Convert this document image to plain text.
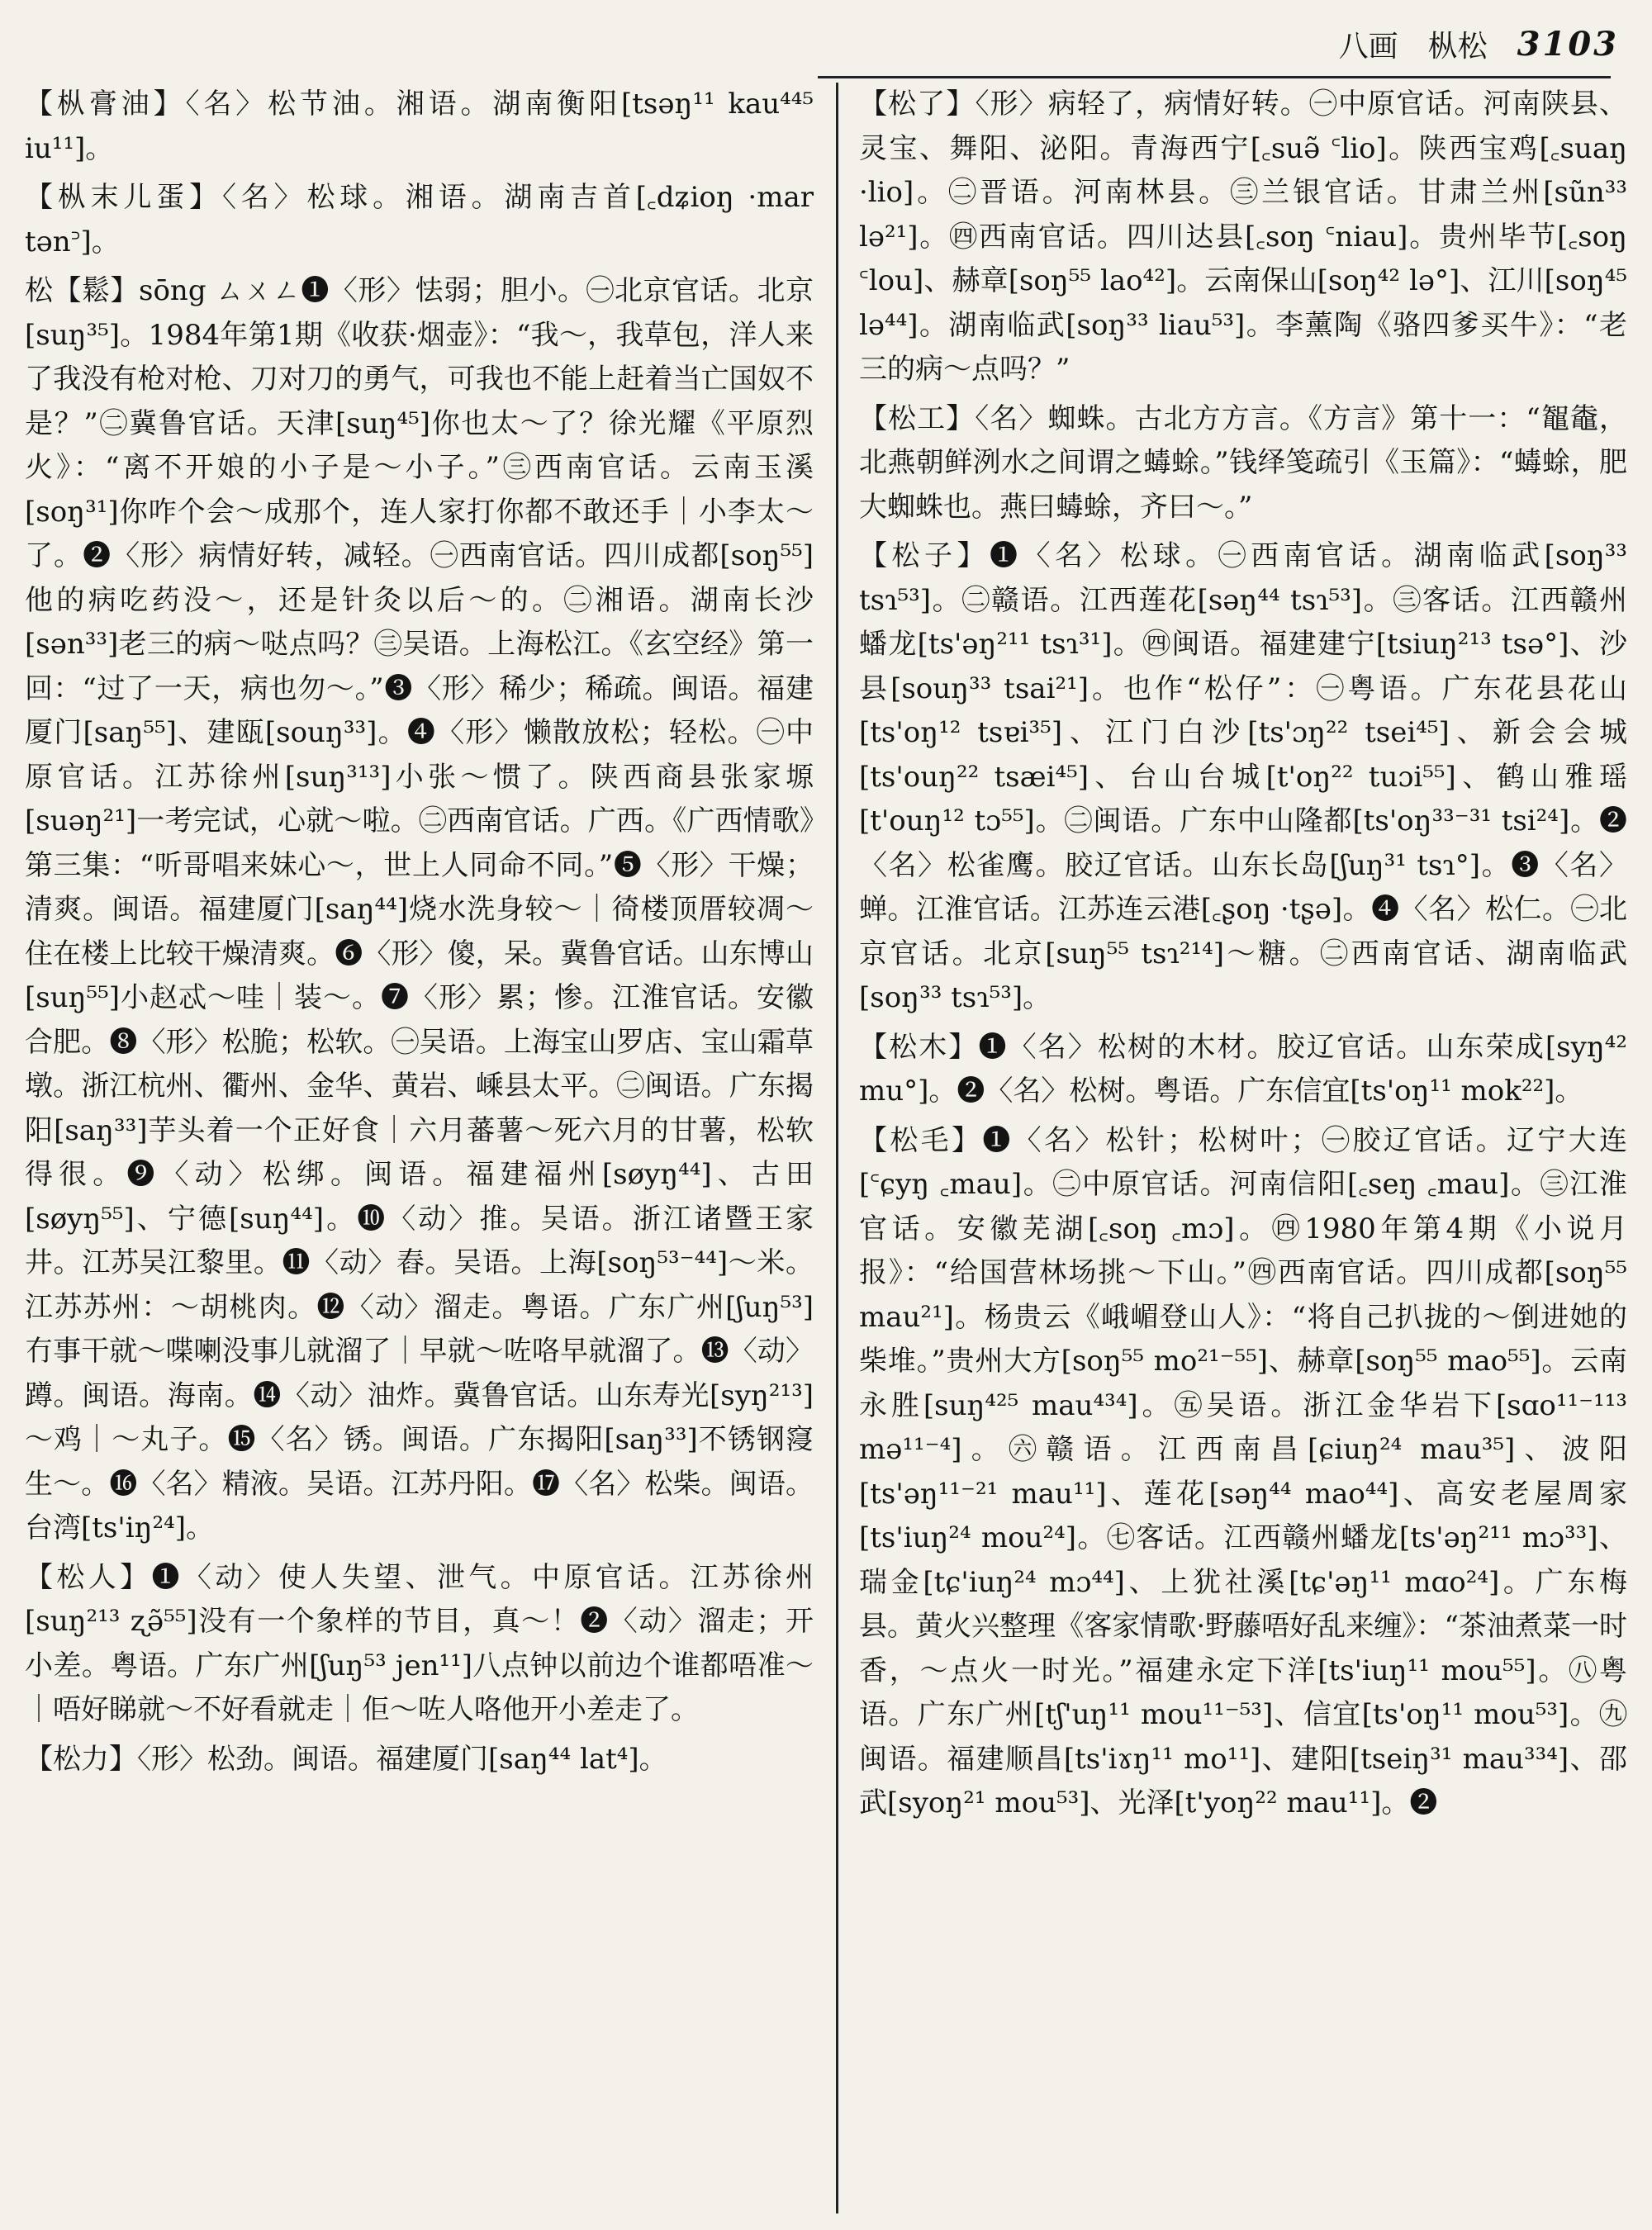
八画 枞松 3103

【枞膏油】〈名〉松节油。湘语。湖南衡阳[tsəŋ¹¹ kau⁴⁴⁵ iu¹¹]。

【枞末儿蛋】〈名〉松球。湘语。湖南吉首[꜀dʑioŋ ·mar tən꜄]。

松【鬆】sōng ㄙㄨㄥ❶〈形〉怯弱；胆小。㊀北京官话。北京[suŋ³⁵]。1984年第1期《收获·烟壶》：“我～，我草包，洋人来了我没有枪对枪、刀对刀的勇气，可我也不能上赶着当亡国奴不是？”㊁冀鲁官话。天津[suŋ⁴⁵]你也太～了？徐光耀《平原烈火》：“离不开娘的小子是～小子。”㊂西南官话。云南玉溪[soŋ³¹]你咋个会～成那个，连人家打你都不敢还手｜小李太～了。❷〈形〉病情好转，减轻。㊀西南官话。四川成都[soŋ⁵⁵]他的病吃药没～，还是针灸以后～的。㊁湘语。湖南长沙[sən³³]老三的病～哒点吗？㊂吴语。上海松江。《玄空经》第一回：“过了一天，病也勿～。”❸〈形〉稀少；稀疏。闽语。福建厦门[saŋ⁵⁵]、建瓯[souŋ³³]。❹〈形〉懒散放松；轻松。㊀中原官话。江苏徐州[suŋ³¹³]小张～惯了。陕西商县张家塬[suəŋ²¹]一考完试，心就～啦。㊁西南官话。广西。《广西情歌》第三集：“听哥唱来妹心～，世上人同命不同。”❺〈形〉干燥；清爽。闽语。福建厦门[saŋ⁴⁴]烧水洗身较～｜徛楼顶厝较凋～住在楼上比较干燥清爽。❻〈形〉傻，呆。冀鲁官话。山东博山[suŋ⁵⁵]小赵忒～哇｜装～。❼〈形〉累；惨。江淮官话。安徽合肥。❽〈形〉松脆；松软。㊀吴语。上海宝山罗店、宝山霜草墩。浙江杭州、衢州、金华、黄岩、嵊县太平。㊁闽语。广东揭阳[saŋ³³]芋头着一个正好食｜六月蕃薯～死六月的甘薯，松软得很。❾〈动〉松绑。闽语。福建福州[søyŋ⁴⁴]、古田[søyŋ⁵⁵]、宁德[suŋ⁴⁴]。❿〈动〉推。吴语。浙江诸暨王家井。江苏吴江黎里。⓫〈动〉舂。吴语。上海[soŋ⁵³⁻⁴⁴]～米。江苏苏州：～胡桃肉。⓬〈动〉溜走。粤语。广东广州[ʃuŋ⁵³]冇事干就～喋喇没事儿就溜了｜早就～咗咯早就溜了。⓭〈动〉蹲。闽语。海南。⓮〈动〉油炸。冀鲁官话。山东寿光[syŋ²¹³]～鸡｜～丸子。⓯〈名〉锈。闽语。广东揭阳[saŋ³³]不锈钢䆮生～。⓰〈名〉精液。吴语。江苏丹阳。⓱〈名〉松柴。闽语。台湾[ts'iŋ²⁴]。

【松人】❶〈动〉使人失望、泄气。中原官话。江苏徐州[suŋ²¹³ ʐə̃⁵⁵]没有一个象样的节目，真～！❷〈动〉溜走；开小差。粤语。广东广州[ʃuŋ⁵³ jen¹¹]八点钟以前边个谁都唔准～｜唔好睇就～不好看就走｜佢～咗人咯他开小差走了。

【松力】〈形〉松劲。闽语。福建厦门[saŋ⁴⁴ lat⁴]。

【松了】〈形〉病轻了，病情好转。㊀中原官话。河南陕县、灵宝、舞阳、泌阳。青海西宁[꜀suə̃ ꜂lio]。陕西宝鸡[꜀suaŋ ·lio]。㊁晋语。河南林县。㊂兰银官话。甘肃兰州[sũn³³ lə²¹]。㊃西南官话。四川达县[꜀soŋ ꜂niau]。贵州毕节[꜀soŋ ꜂lou]、赫章[soŋ⁵⁵ lao⁴²]。云南保山[soŋ⁴² lə°]、江川[soŋ⁴⁵ lə⁴⁴]。湖南临武[soŋ³³ liau⁵³]。李薰陶《骆四爹买牛》：“老三的病～点吗？”

【松工】〈名〉蜘蛛。古北方方言。《方言》第十一：“鼅鼄，北燕朝鲜洌水之间谓之蝳蜍。”钱绎笺疏引《玉篇》：“蝳蜍，肥大蜘蛛也。燕曰蝳蜍，齐曰～。”

【松子】❶〈名〉松球。㊀西南官话。湖南临武[soŋ³³ tsɿ⁵³]。㊁赣语。江西莲花[səŋ⁴⁴ tsɿ⁵³]。㊂客话。江西赣州蟠龙[ts'əŋ²¹¹ tsɿ³¹]。㊃闽语。福建建宁[tsiuŋ²¹³ tsə°]、沙县[souŋ³³ tsai²¹]。也作“松仔”：㊀粤语。广东花县花山[ts'oŋ¹² tsɐi³⁵]、江门白沙[ts'ɔŋ²² tsei⁴⁵]、新会会城[ts'ouŋ²² tsæi⁴⁵]、台山台城[t'oŋ²² tuɔi⁵⁵]、鹤山雅瑶[t'ouŋ¹² tɔ⁵⁵]。㊁闽语。广东中山隆都[ts'oŋ³³⁻³¹ tsi²⁴]。❷〈名〉松雀鹰。胶辽官话。山东长岛[ʃuŋ³¹ tsɿ°]。❸〈名〉蝉。江淮官话。江苏连云港[꜀ʂoŋ ·tʂə]。❹〈名〉松仁。㊀北京官话。北京[suŋ⁵⁵ tsɿ²¹⁴]～糖。㊁西南官话、湖南临武[soŋ³³ tsɿ⁵³]。

【松木】❶〈名〉松树的木材。胶辽官话。山东荣成[syŋ⁴² mu°]。❷〈名〉松树。粤语。广东信宜[ts'oŋ¹¹ mok²²]。

【松毛】❶〈名〉松针；松树叶；㊀胶辽官话。辽宁大连[꜂ɕyŋ ꜀mau]。㊁中原官话。河南信阳[꜀seŋ ꜀mau]。㊂江淮官话。安徽芜湖[꜀soŋ ꜀mɔ]。㊃1980年第4期《小说月报》：“给国营林场挑～下山。”㊃西南官话。四川成都[soŋ⁵⁵ mau²¹]。杨贵云《峨嵋登山人》：“将自己扒拢的～倒进她的柴堆。”贵州大方[soŋ⁵⁵ mo²¹⁻⁵⁵]、赫章[soŋ⁵⁵ mao⁵⁵]。云南永胜[suŋ⁴²⁵ mau⁴³⁴]。㊄吴语。浙江金华岩下[sɑo¹¹⁻¹¹³ mə¹¹⁻⁴]。㊅赣语。江西南昌[ɕiuŋ²⁴ mau³⁵]、波阳[ts'əŋ¹¹⁻²¹ mau¹¹]、莲花[səŋ⁴⁴ mao⁴⁴]、高安老屋周家[ts'iuŋ²⁴ mou²⁴]。㊆客话。江西赣州蟠龙[ts'əŋ²¹¹ mɔ³³]、瑞金[tɕ'iuŋ²⁴ mɔ⁴⁴]、上犹社溪[tɕ'əŋ¹¹ mɑo²⁴]。广东梅县。黄火兴整理《客家情歌·野藤唔好乱来缠》：“茶油煮菜一时香，～点火一时光。”福建永定下洋[ts'iuŋ¹¹ mou⁵⁵]。㊇粤语。广东广州[tʃ'uŋ¹¹ mou¹¹⁻⁵³]、信宜[ts'oŋ¹¹ mou⁵³]。㊈闽语。福建顺昌[ts'iɤŋ¹¹ mo¹¹]、建阳[tseiŋ³¹ mau³³⁴]、邵武[syoŋ²¹ mou⁵³]、光泽[t'yoŋ²² mau¹¹]。❷
